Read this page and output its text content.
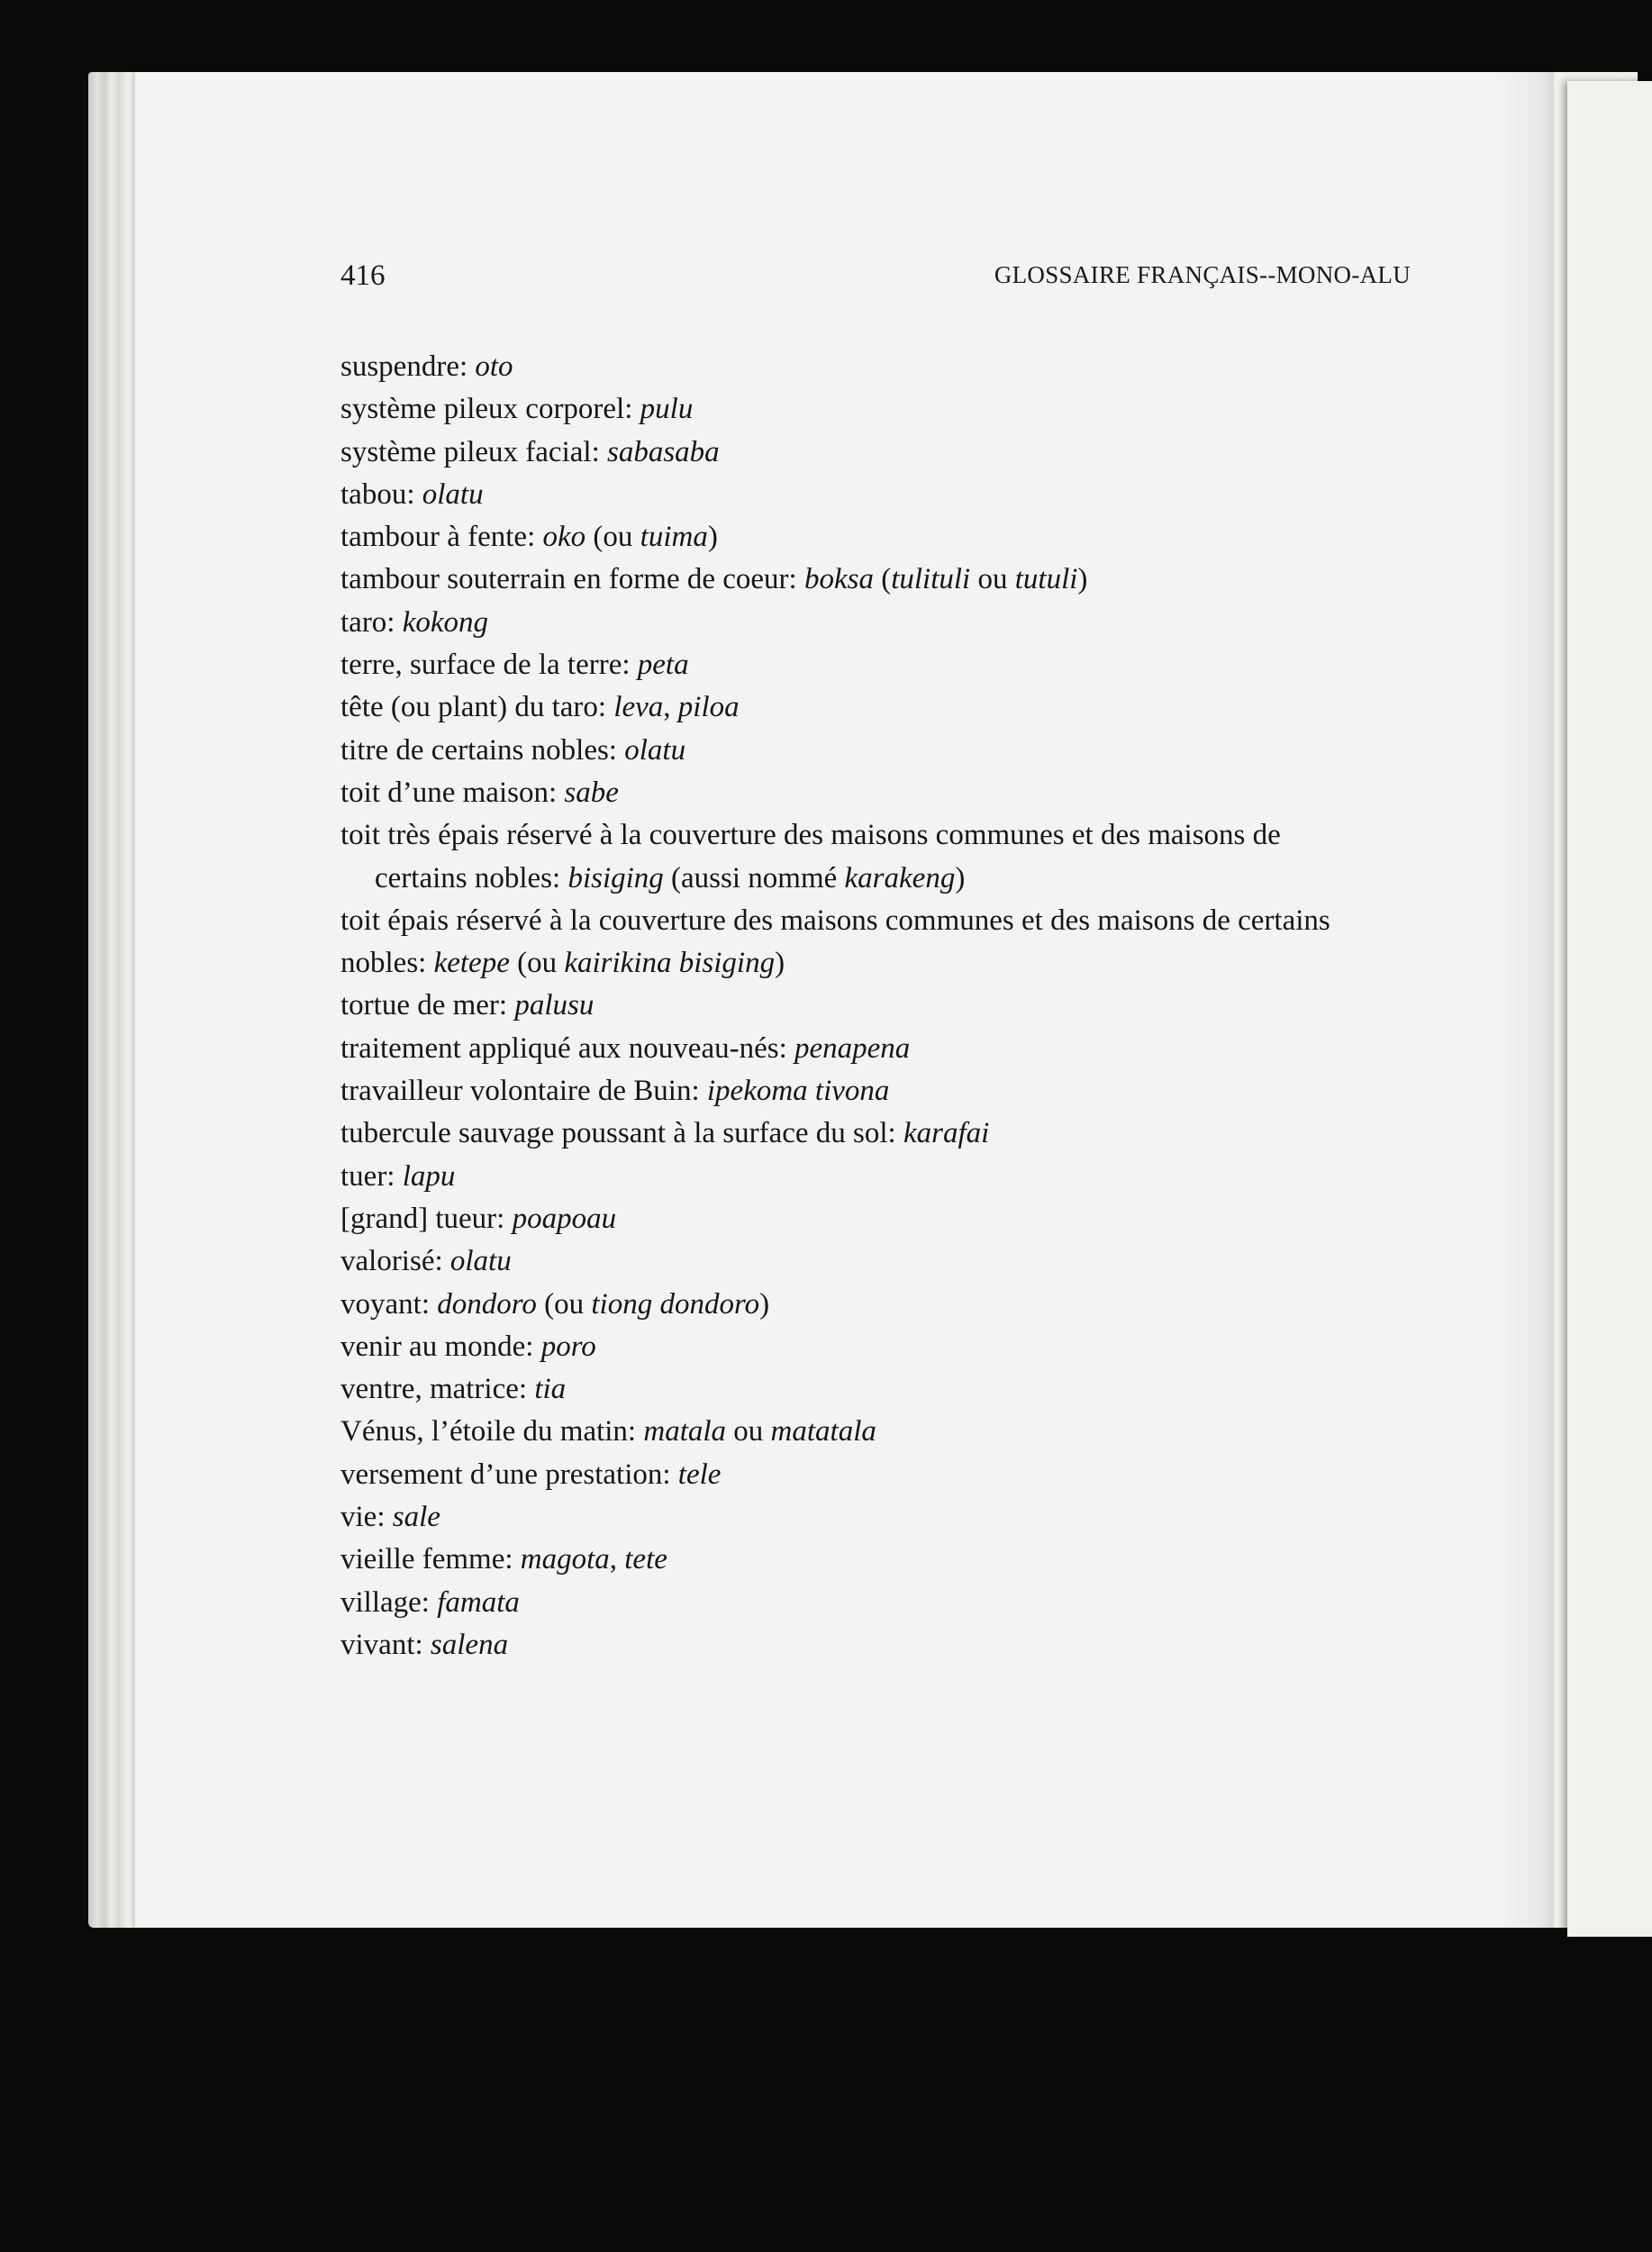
416	GLOSSAIRE FRANÇAIS--MONO-ALU
suspendre: oto
système pileux corporel: pulu
système pileux facial: sabasaba
tabou: olatu
tambour à fente: oko (ou tuima)
tambour souterrain en forme de coeur: boksa (tulituli ou tutuli)
taro: kokong
terre, surface de la terre: peta
tête (ou plant) du taro: leva, piloa
titre de certains nobles: olatu
toit d’une maison: sabe
toit très épais réservé à la couverture des maisons communes et des maisons de
certains nobles: bisiging (aussi nommé karakeng)
toit épais réservé à la couverture des maisons communes et des maisons de certains
nobles: ketepe (ou kairikina bisiging)
tortue de mer: palusu
traitement appliqué aux nouveau-nés: penapena
travailleur volontaire de Buin: ipekoma tivona
tubercule sauvage poussant à la surface du sol: karafai
tuer: lapu
[grand] tueur: poapoau
valorisé: olatu
voyant: dondoro (ou tiong dondoro)
venir au monde: poro
ventre, matrice: tia
Vénus, l’étoile du matin: matala ou matatala
versement d’une prestation: tele
vie: sale
vieille femme: magota, tete
village: famata
vivant: salena
